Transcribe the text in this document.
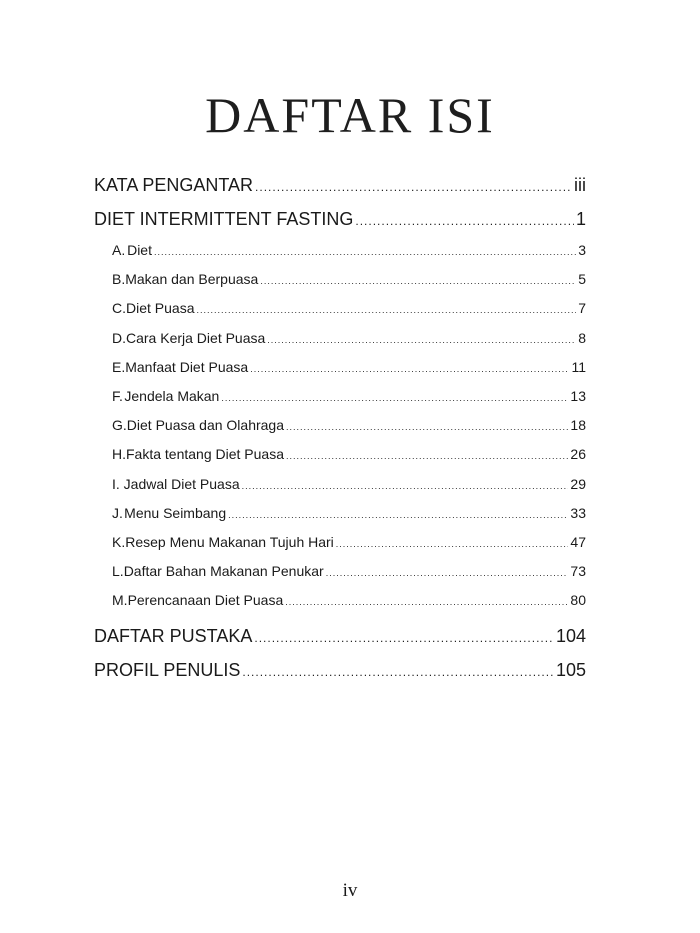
DAFTAR ISI
KATA PENGANTAR .....	iii
DIET INTERMITTENT FASTING .....	1
A. Diet .....	3
B. Makan dan Berpuasa .....	5
C. Diet Puasa .....	7
D. Cara Kerja Diet Puasa .....	8
E. Manfaat Diet Puasa .....	11
F. Jendela Makan .....	13
G. Diet Puasa dan Olahraga .....	18
H. Fakta tentang Diet Puasa .....	26
I. Jadwal Diet Puasa .....	29
J. Menu Seimbang .....	33
K. Resep Menu Makanan Tujuh Hari .....	47
L. Daftar Bahan Makanan Penukar .....	73
M. Perencanaan Diet Puasa .....	80
DAFTAR PUSTAKA .....	104
PROFIL PENULIS .....	105
iv
